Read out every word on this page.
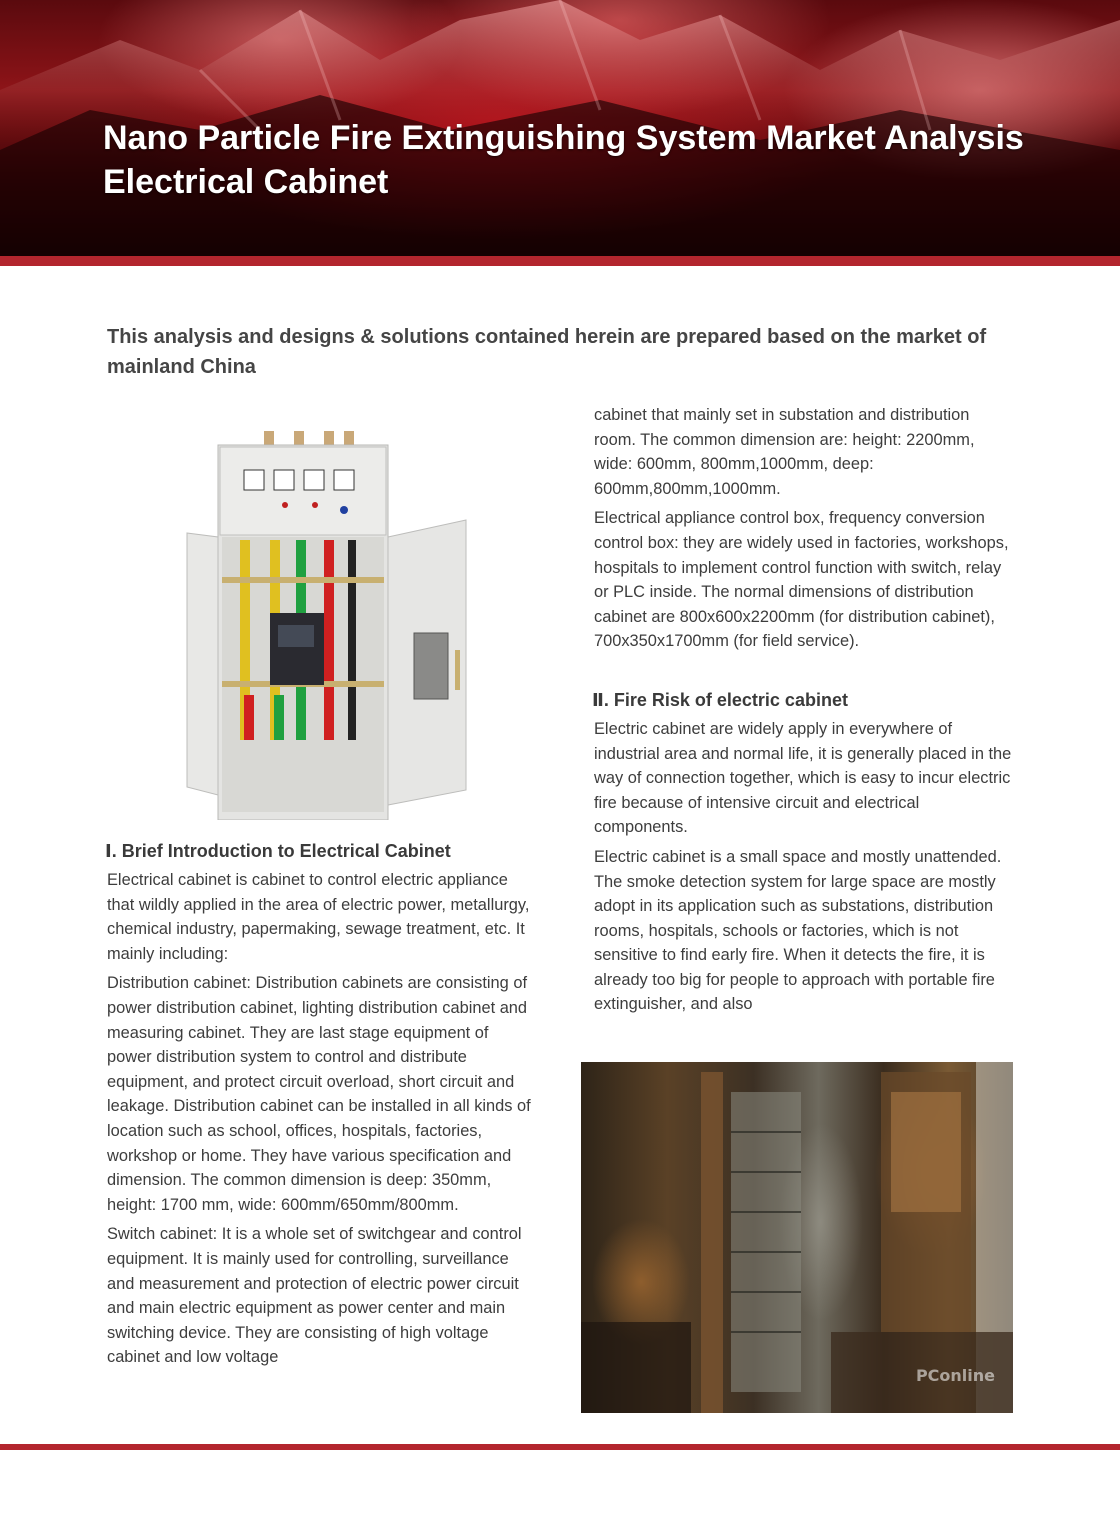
Nano Particle Fire Extinguishing System Market Analysis
Electrical Cabinet

This analysis and designs & solutions contained herein are prepared based on the market of mainland China

Ⅰ. Brief Introduction to Electrical Cabinet

Electrical cabinet is cabinet to control electric appliance that wildly applied in the area of electric power, metallurgy, chemical industry, papermaking, sewage treatment, etc. It mainly including:

Distribution cabinet: Distribution cabinets are consisting of power distribution cabinet, lighting distribution cabinet and measuring cabinet. They are last stage equipment of power distribution system to control and distribute equipment, and protect circuit overload, short circuit and leakage. Distribution cabinet can be installed in all kinds of location such as school, offices, hospitals, factories, workshop or home. They have various specification and dimension. The common dimension is deep: 350mm, height: 1700 mm, wide: 600mm/650mm/800mm.

Switch cabinet: It is a whole set of switchgear and control equipment. It is mainly used for controlling, surveillance and measurement and protection of electric power circuit and main electric equipment as power center and main switching device. They are consisting of high voltage cabinet and low voltage

cabinet that mainly set in substation and distribution room. The common dimension are: height: 2200mm, wide: 600mm, 800mm,1000mm, deep: 600mm,800mm,1000mm.

Electrical appliance control box, frequency conversion control box: they are widely used in factories, workshops, hospitals to implement control function with switch, relay or PLC inside. The normal dimensions of distribution cabinet are 800x600x2200mm (for distribution cabinet), 700x350x1700mm (for field service).

Ⅱ. Fire Risk of electric cabinet

Electric cabinet are widely apply in everywhere of industrial area and normal life, it is generally placed in the way of connection together, which is easy to incur electric fire because of intensive circuit and electrical components.

Electric cabinet is a small space and mostly unattended. The smoke detection system for large space are mostly adopt in its application such as substations, distribution rooms, hospitals, schools or factories, which is not sensitive to find early fire. When it detects the fire, it is already too big for people to approach with portable fire extinguisher, and also

PConline
